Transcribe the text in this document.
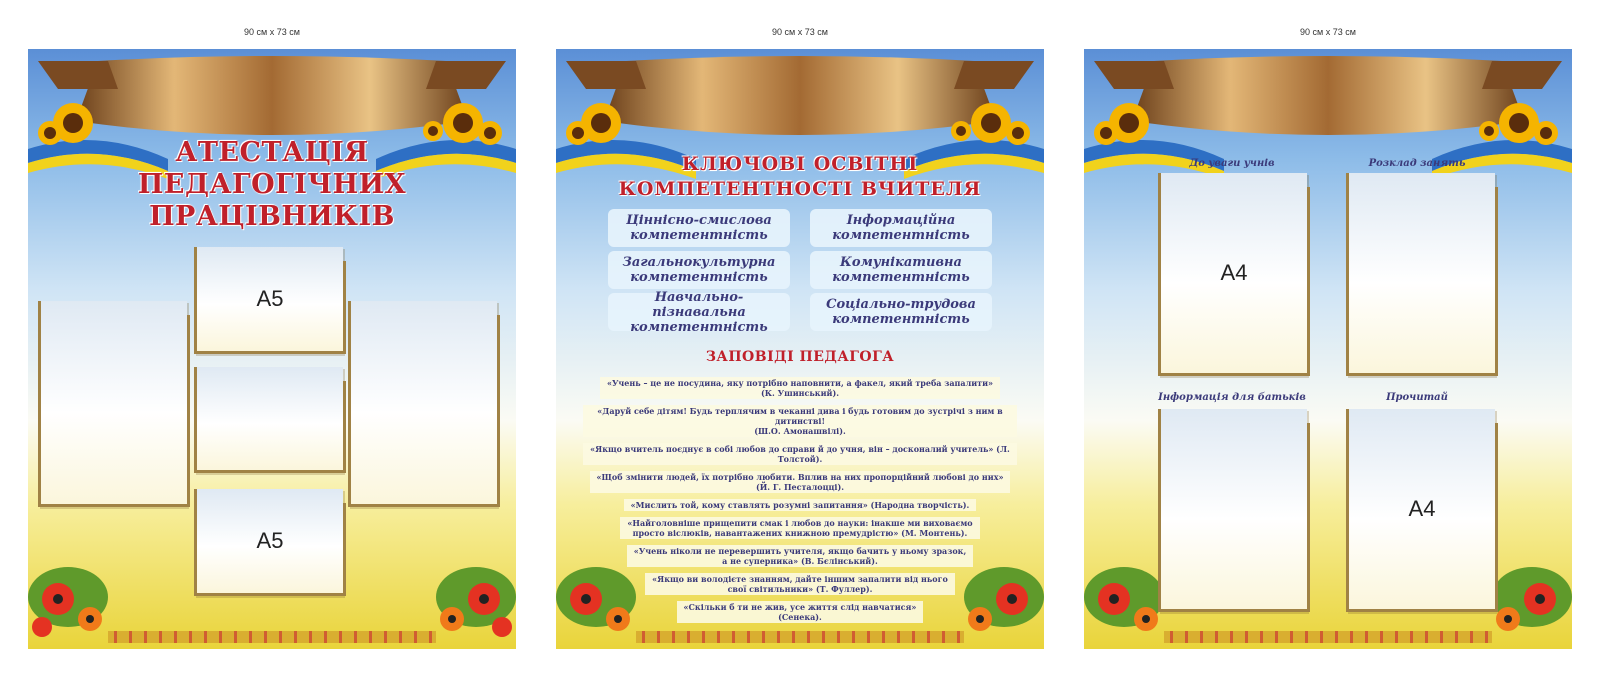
90 см х 73 см
АТЕСТАЦІЯ
ПЕДАГОГІЧНИХ
ПРАЦІВНИКІВ
A5
A5
90 см х 73 см
КЛЮЧОВІ ОСВІТНІ
КОМПЕТЕНТНОСТІ ВЧИТЕЛЯ
Ціннісно-смислова
компетентність
Інформаційна
компетентність
Загальнокультурна
компетентність
Комунікативна
компетентність
Навчально-пізнавальна
компетентність
Соціально-трудова
компетентність
ЗАПОВІДІ ПЕДАГОГА
«Учень – це не посудина, яку потрібно наповнити, а факел, який треба запалити»
(К. Ушинський).
«Даруй себе дітям! Будь терплячим в чеканні дива і будь готовим до зустрічі з ним в дитинстві!
(Ш.О. Амонашвілі).
«Якщо вчитель поєднує в собі любов до справи й до учня, він – досконалий учитель» (Л. Толстой).
«Щоб змінити людей, їх потрібно любити. Вплив на них пропорційний любові до них»
(Й. Г. Песталоцці).
«Мислить той, кому ставлять розумні запитання» (Народна творчість).
«Найголовніше прищепити смак і любов до науки: інакше ми виховаємо
просто віслюків, навантажених книжною премудрістю» (М. Монтень).
«Учень ніколи не перевершить учителя, якщо бачить у ньому зразок,
а не суперника» (В. Бєлінський).
«Якщо ви володієте знанням, дайте іншим запалити від нього
свої світильники» (Т. Фуллер).
«Скільки б ти не жив, усе життя слід навчатися»
(Сенека).
90 см х 73 см
До уваги учнів	Розклад занять
A4
Інформація для батьків	Прочитай
A4
